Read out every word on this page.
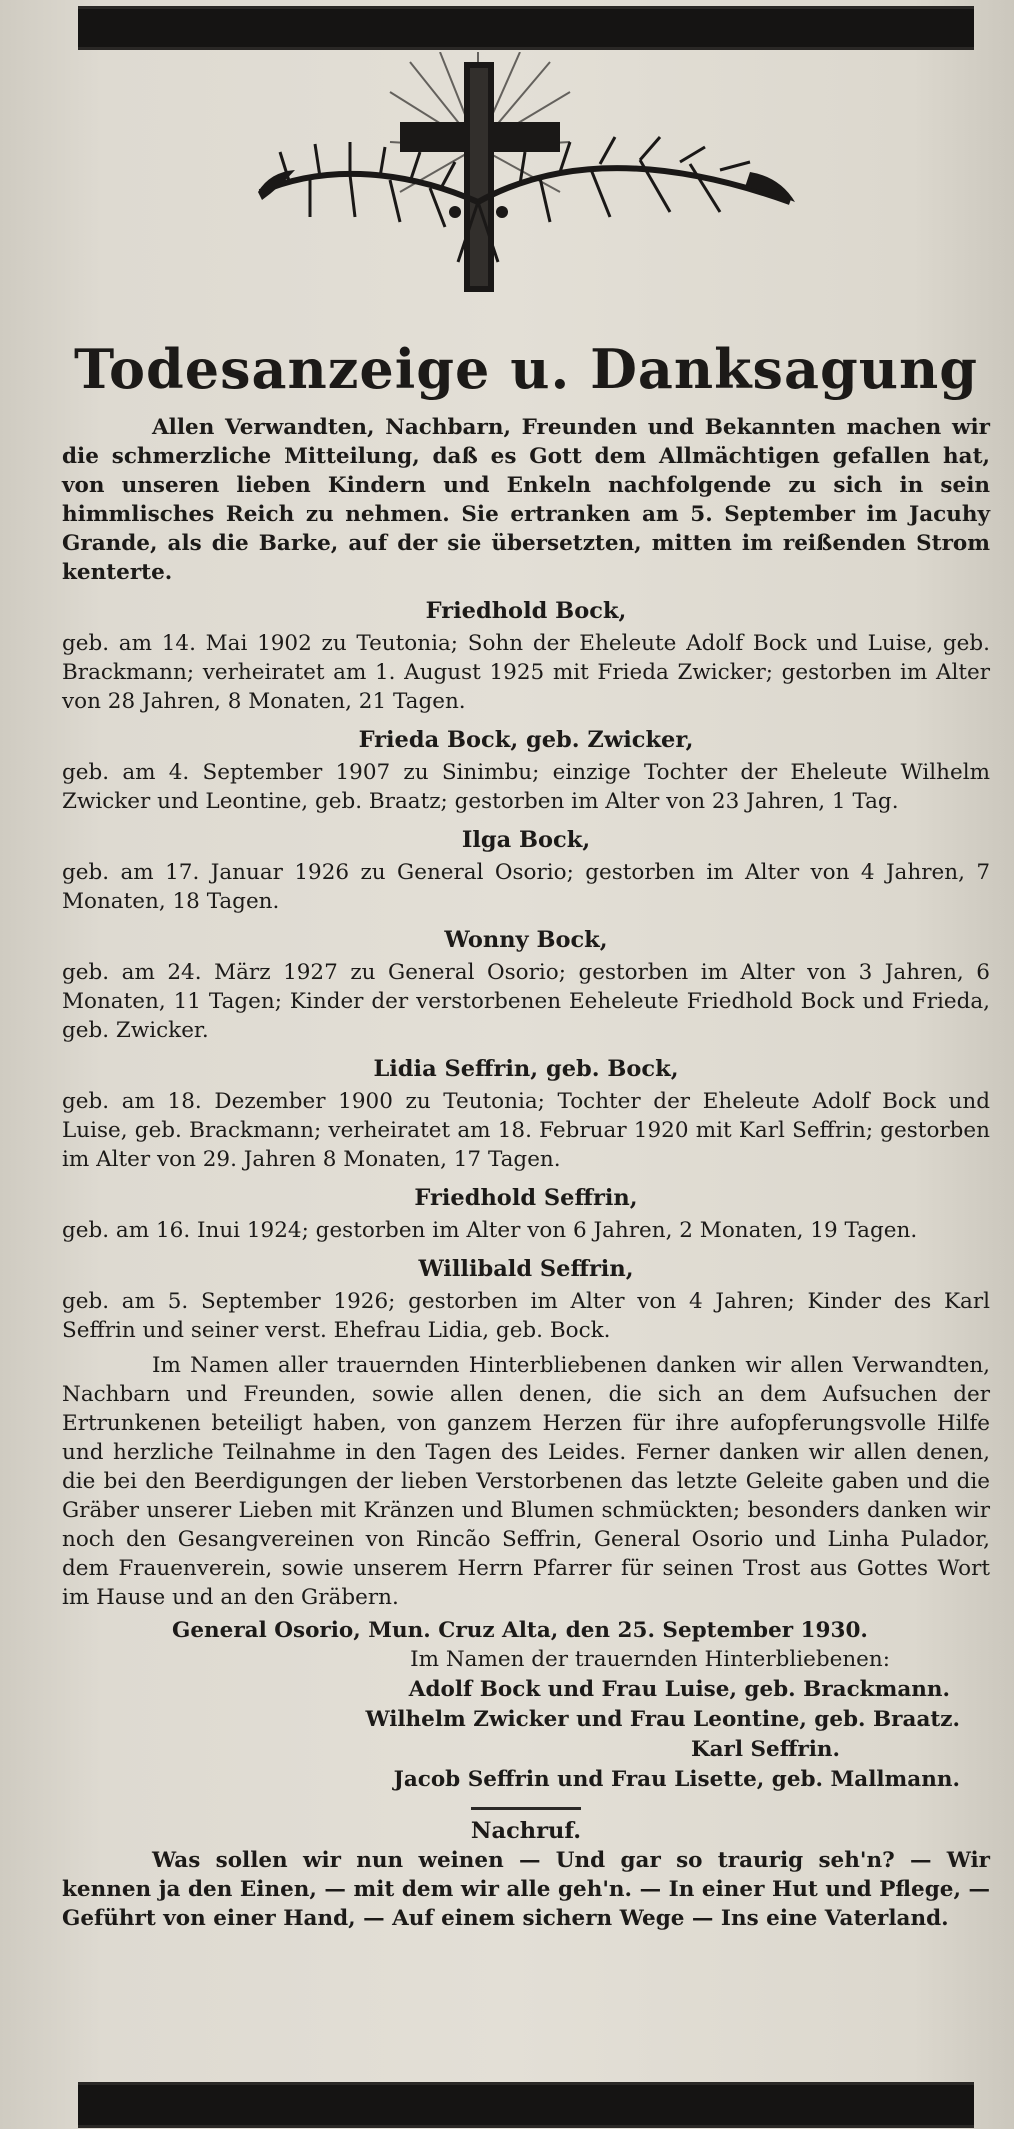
Todesanzeige u. Danksagung

Allen Verwandten, Nachbarn, Freunden und Bekannten machen wir die schmerzliche Mitteilung, daß es Gott dem Allmächtigen gefallen hat, von unseren lieben Kindern und Enkeln nachfolgende zu sich in sein himmlisches Reich zu nehmen. Sie ertranken am 5. September im Jacuhy Grande, als die Barke, auf der sie übersetzten, mitten im reißenden Strom kenterte.

Friedhold Bock,

geb. am 14. Mai 1902 zu Teutonia; Sohn der Eheleute Adolf Bock und Luise, geb. Brackmann; verheiratet am 1. August 1925 mit Frieda Zwicker; gestorben im Alter von 28 Jahren, 8 Monaten, 21 Tagen.

Frieda Bock, geb. Zwicker,

geb. am 4. September 1907 zu Sinimbu; einzige Tochter der Eheleute Wilhelm Zwicker und Leontine, geb. Braatz; gestorben im Alter von 23 Jahren, 1 Tag.

Ilga Bock,

geb. am 17. Januar 1926 zu General Osorio; gestorben im Alter von 4 Jahren, 7 Monaten, 18 Tagen.

Wonny Bock,

geb. am 24. März 1927 zu General Osorio; gestorben im Alter von 3 Jahren, 6 Monaten, 11 Tagen; Kinder der verstorbenen Eeheleute Friedhold Bock und Frieda, geb. Zwicker.

Lidia Seffrin, geb. Bock,

geb. am 18. Dezember 1900 zu Teutonia; Tochter der Eheleute Adolf Bock und Luise, geb. Brackmann; verheiratet am 18. Februar 1920 mit Karl Seffrin; gestorben im Alter von 29. Jahren 8 Monaten, 17 Tagen.

Friedhold Seffrin,

geb. am 16. Inui 1924; gestorben im Alter von 6 Jahren, 2 Monaten, 19 Tagen.

Willibald Seffrin,

geb. am 5. September 1926; gestorben im Alter von 4 Jahren; Kinder des Karl Seffrin und seiner verst. Ehefrau Lidia, geb. Bock.

Im Namen aller trauernden Hinterbliebenen danken wir allen Verwandten, Nachbarn und Freunden, sowie allen denen, die sich an dem Aufsuchen der Ertrunkenen beteiligt haben, von ganzem Herzen für ihre aufopferungsvolle Hilfe und herzliche Teilnahme in den Tagen des Leides. Ferner danken wir allen denen, die bei den Beerdigungen der lieben Verstorbenen das letzte Geleite gaben und die Gräber unserer Lieben mit Kränzen und Blumen schmückten; besonders danken wir noch den Gesangvereinen von Rincão Seffrin, General Osorio und Linha Pulador, dem Frauenverein, sowie unserem Herrn Pfarrer für seinen Trost aus Gottes Wort im Hause und an den Gräbern.

General Osorio, Mun. Cruz Alta, den 25. September 1930.

Im Namen der trauernden Hinterbliebenen:
Adolf Bock und Frau Luise, geb. Brackmann.
Wilhelm Zwicker und Frau Leontine, geb. Braatz.
Karl Seffrin.
Jacob Seffrin und Frau Lisette, geb. Mallmann.
Nachruf.

Was sollen wir nun weinen — Und gar so traurig seh'n? — Wir kennen ja den Einen, — mit dem wir alle geh'n. — In einer Hut und Pflege, — Geführt von einer Hand, — Auf einem sichern Wege — Ins eine Vaterland.
